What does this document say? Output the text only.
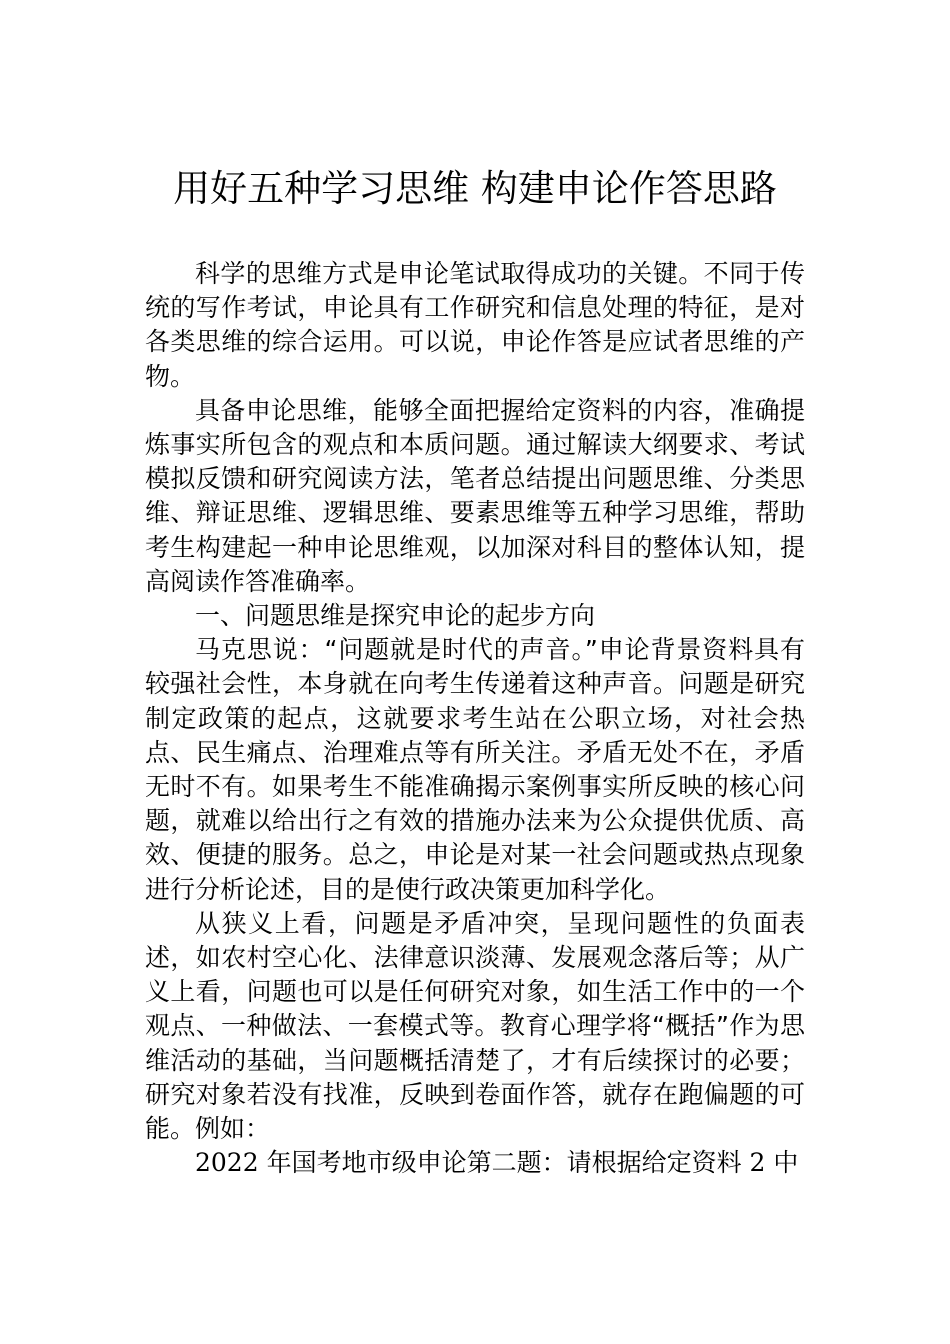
用好五种学习思维 构建申论作答思路

科学的思维方式是申论笔试取得成功的关键。不同于传统的写作考试，申论具有工作研究和信息处理的特征，是对各类思维的综合运用。可以说，申论作答是应试者思维的产物。

具备申论思维，能够全面把握给定资料的内容，准确提炼事实所包含的观点和本质问题。通过解读大纲要求、考试模拟反馈和研究阅读方法，笔者总结提出问题思维、分类思维、辩证思维、逻辑思维、要素思维等五种学习思维，帮助考生构建起一种申论思维观，以加深对科目的整体认知，提高阅读作答准确率。

一、问题思维是探究申论的起步方向

马克思说：“问题就是时代的声音。”申论背景资料具有较强社会性，本身就在向考生传递着这种声音。问题是研究制定政策的起点，这就要求考生站在公职立场，对社会热点、民生痛点、治理难点等有所关注。矛盾无处不在，矛盾无时不有。如果考生不能准确揭示案例事实所反映的核心问题，就难以给出行之有效的措施办法来为公众提供优质、高效、便捷的服务。总之，申论是对某一社会问题或热点现象进行分析论述，目的是使行政决策更加科学化。

从狭义上看，问题是矛盾冲突，呈现问题性的负面表述，如农村空心化、法律意识淡薄、发展观念落后等；从广义上看，问题也可以是任何研究对象，如生活工作中的一个观点、一种做法、一套模式等。教育心理学将“概括”作为思维活动的基础，当问题概括清楚了，才有后续探讨的必要；研究对象若没有找准，反映到卷面作答，就存在跑偏题的可能。例如：

2022 年国考地市级申论第二题：请根据给定资料 2 中
